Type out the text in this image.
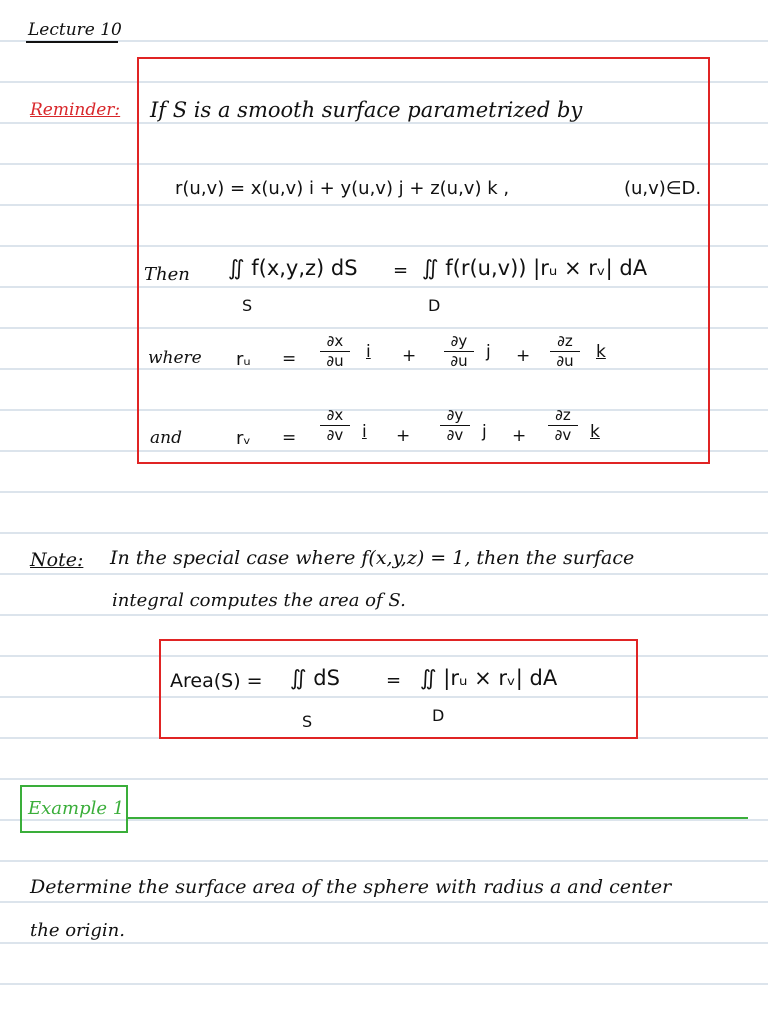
Lecture 10
Reminder: If S is a smooth surface parametrized by
r(u,v) = x(u,v) i + y(u,v) j + z(u,v) k ,	(u,v)∈D.
Then ∬ f(x,y,z) dS = ∬ f(r(u,v)) |rᵤ × rᵥ| dA
S	D
where rᵤ =
∂x
∂u	i +
∂y
∂u	j +
∂z
∂u	k
and	rᵥ =
∂x
∂v	i +
∂y
∂v	j +
∂z
∂v	k
Note: In the special case where f(x,y,z) = 1, then the surface
integral computes the area of S.
Area(S) = ∬ dS	= ∬ |rᵤ × rᵥ| dA
S	D
Example 1
Determine the surface area of the sphere with radius a and center
the origin.
